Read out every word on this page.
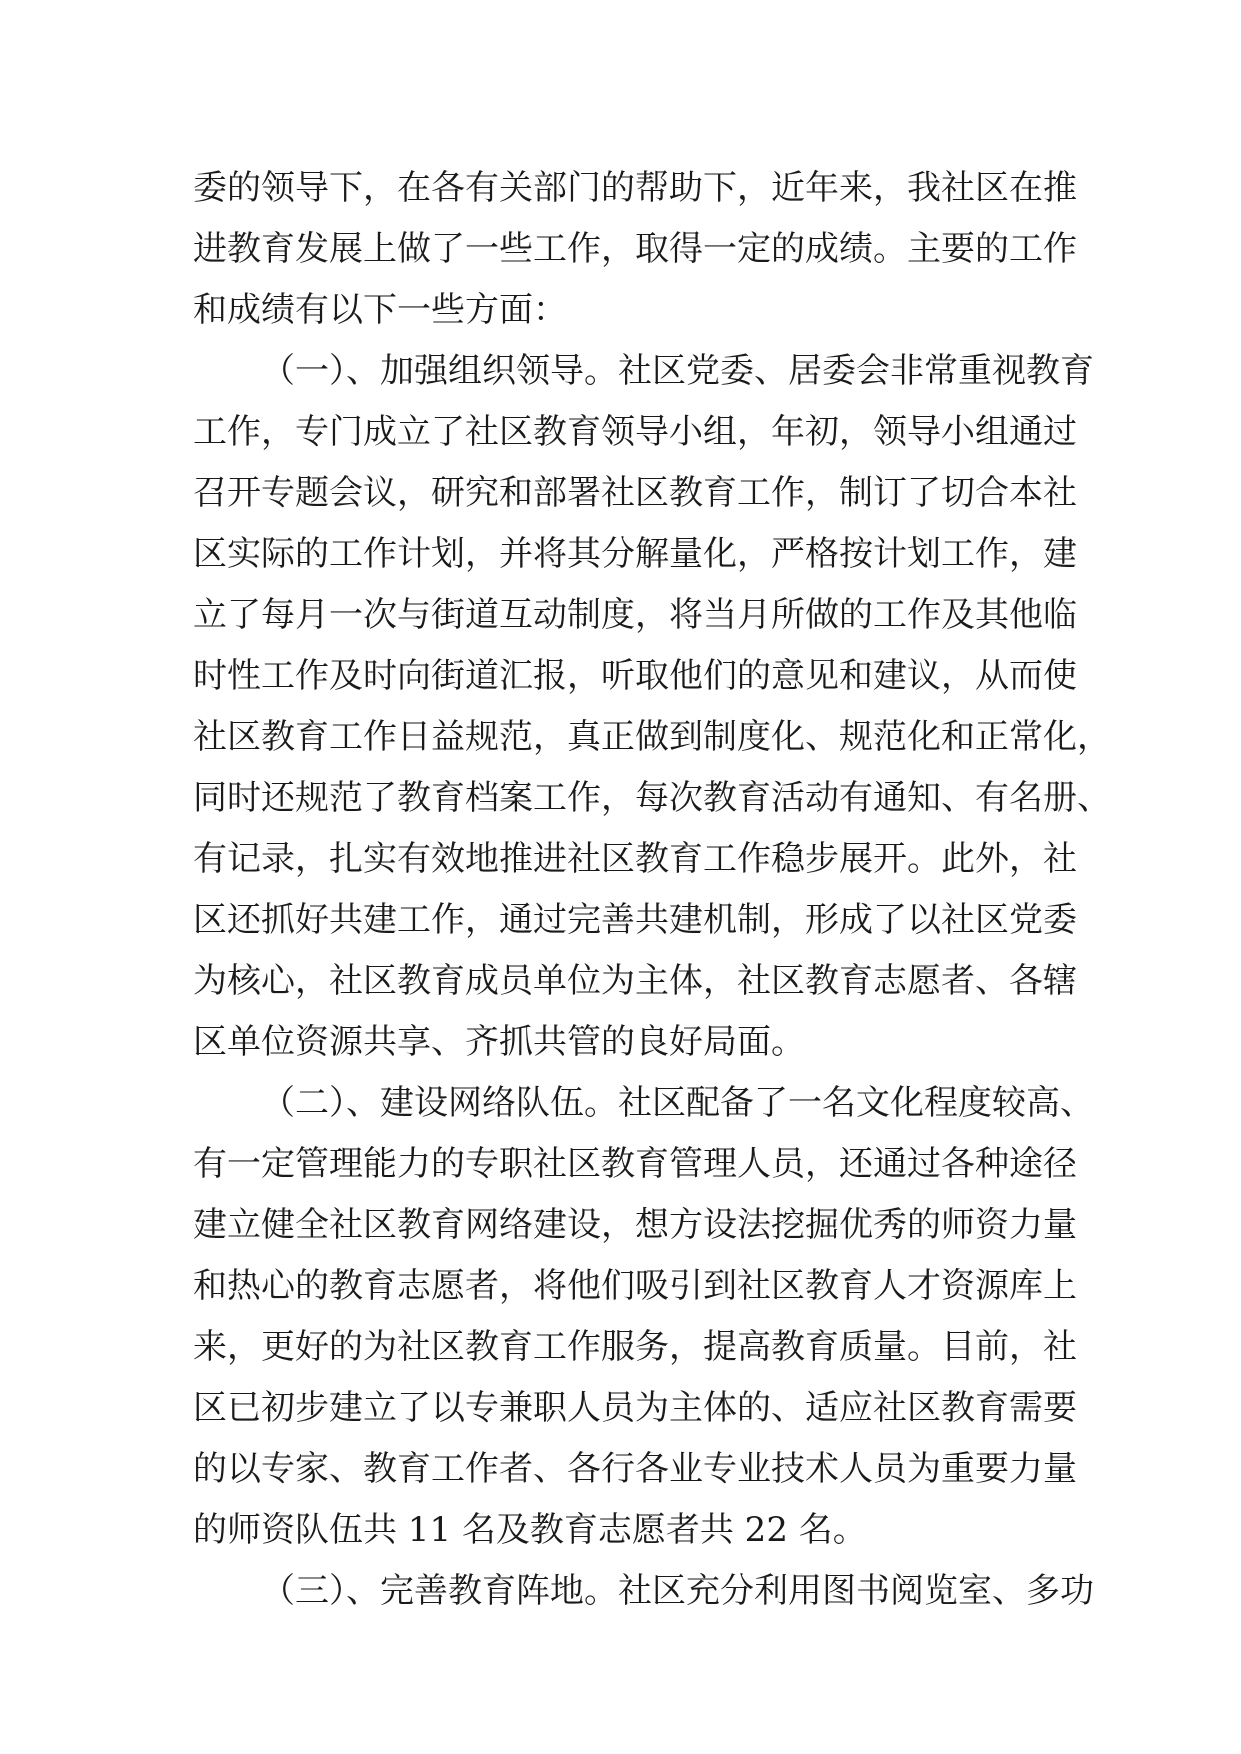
委的领导下，在各有关部门的帮助下，近年来，我社区在推
进教育发展上做了一些工作，取得一定的成绩。主要的工作
和成绩有以下一些方面：
（一）、加强组织领导。社区党委、居委会非常重视教育
工作，专门成立了社区教育领导小组，年初，领导小组通过
召开专题会议，研究和部署社区教育工作，制订了切合本社
区实际的工作计划，并将其分解量化，严格按计划工作，建
立了每月一次与街道互动制度，将当月所做的工作及其他临
时性工作及时向街道汇报，听取他们的意见和建议，从而使
社区教育工作日益规范，真正做到制度化、规范化和正常化，
同时还规范了教育档案工作，每次教育活动有通知、有名册、
有记录，扎实有效地推进社区教育工作稳步展开。此外，社
区还抓好共建工作，通过完善共建机制，形成了以社区党委
为核心，社区教育成员单位为主体，社区教育志愿者、各辖
区单位资源共享、齐抓共管的良好局面。
（二）、建设网络队伍。社区配备了一名文化程度较高、
有一定管理能力的专职社区教育管理人员，还通过各种途径
建立健全社区教育网络建设，想方设法挖掘优秀的师资力量
和热心的教育志愿者，将他们吸引到社区教育人才资源库上
来，更好的为社区教育工作服务，提高教育质量。目前，社
区已初步建立了以专兼职人员为主体的、适应社区教育需要
的以专家、教育工作者、各行各业专业技术人员为重要力量
的师资队伍共 11 名及教育志愿者共 22 名。
（三）、完善教育阵地。社区充分利用图书阅览室、多功
